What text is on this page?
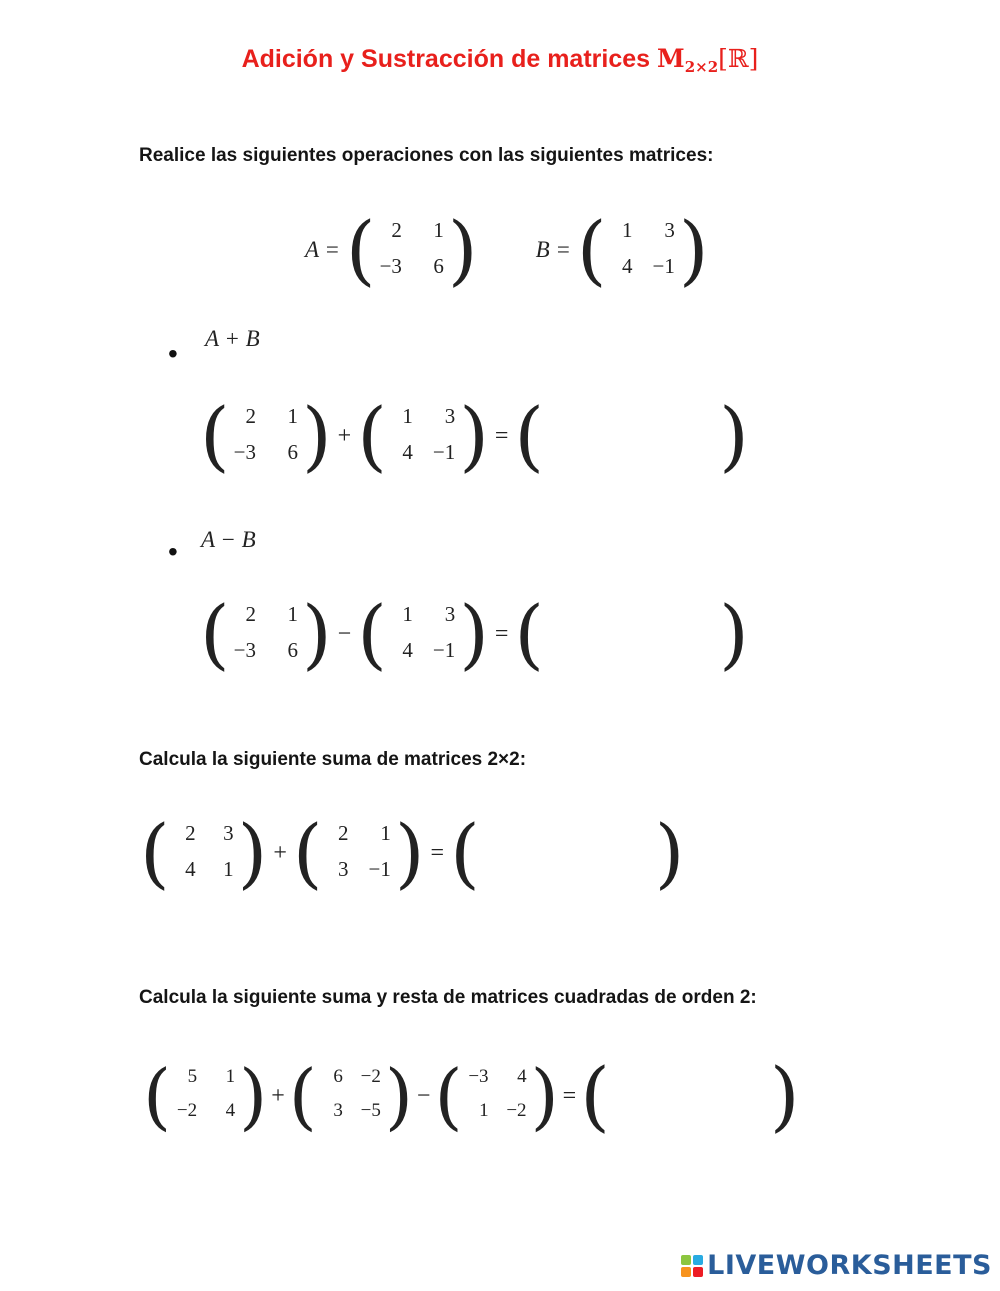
Adición y Sustracción de matrices $M_{2\times 2}[ℝ]$
Realice las siguientes operaciones con las siguientes matrices:
A = ( 2	1
−3	6 )	B = ( 1	3
4 −1 )
• A + B
( 2	1
−3	6 ) + ( 1	3
4 −1 ) = ( )
• A − B
( 2	1
−3	6 ) − ( 1	3
4 −1 ) = ( )
Calcula la siguiente suma de matrices 2×2:
( 2	3
4	1 ) + ( 2	1
3 −1 ) = ( )
Calcula la siguiente suma y resta de matrices cuadradas de orden 2:
( 5	1
−2	4 ) + ( 6 −2
3 −5 ) − ( −3	4
1 −2 ) = ( )
LIVEWORKSHEETS
